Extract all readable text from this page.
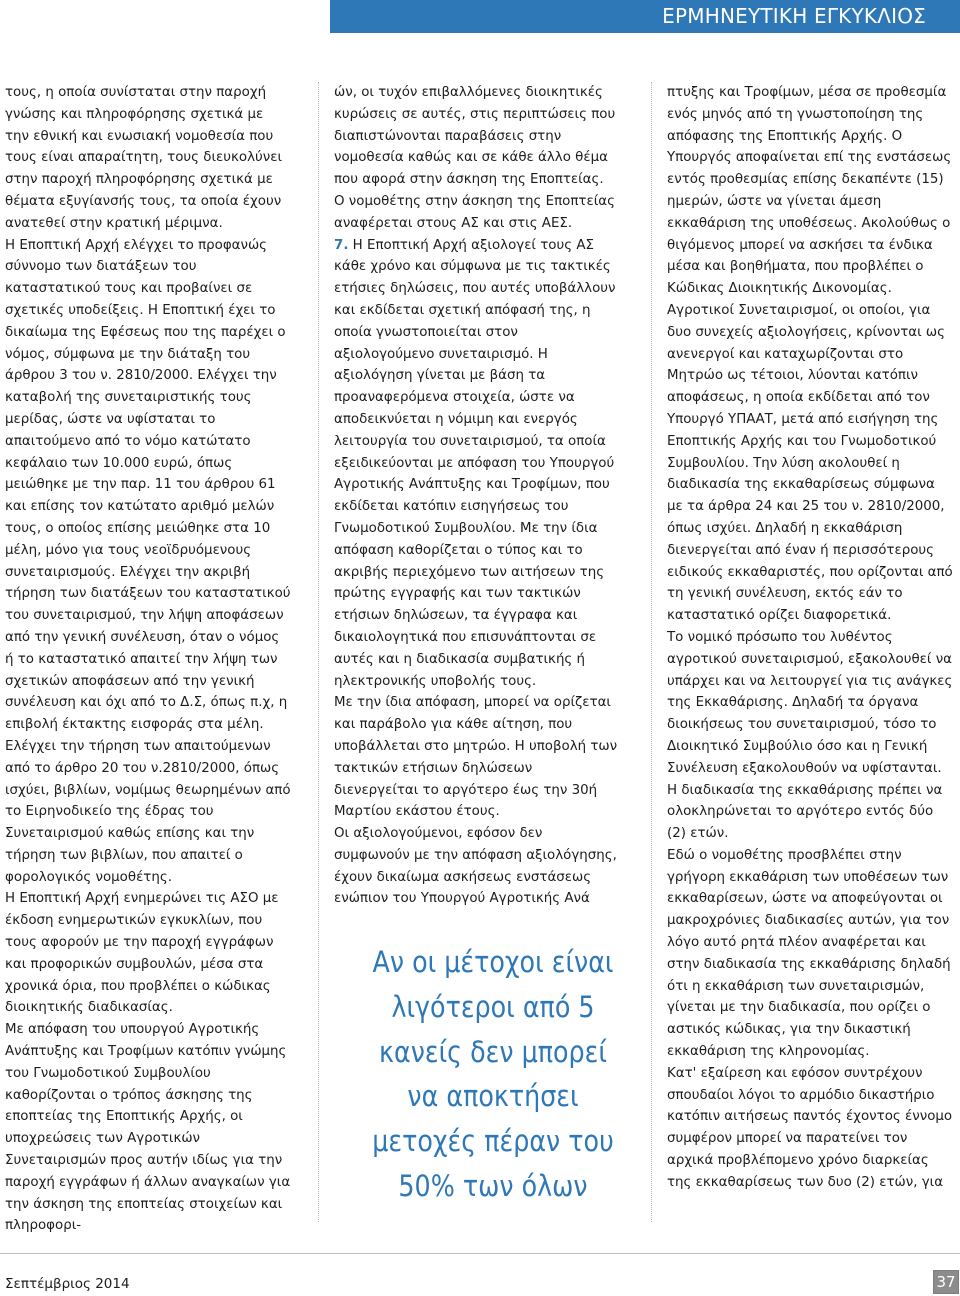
ΕΡΜΗΝΕΥΤΙΚΗ ΕΓΚΥΚΛΙΟΣ

τους, η οποία συνίσταται στην παροχή γνώσης και πληροφόρησης σχετικά με την εθνική και ενωσιακή νομοθεσία που τους είναι απαραίτητη, τους διευκολύνει στην παροχή πληροφόρησης σχετικά με θέματα εξυγίανσής τους, τα οποία έχουν ανατεθεί στην κρατική μέριμνα.

Η Εποπτική Αρχή ελέγχει το προφανώς σύννομο των διατάξεων του καταστατικού τους και προβαίνει σε σχετικές υποδείξεις. Η Εποπτική έχει το δικαίωμα της Εφέσεως που της παρέχει ο νόμος, σύμφωνα με την διάταξη του άρθρου 3 του ν. 2810/2000. Ελέγχει την καταβολή της συνεταιριστικής τους μερίδας, ώστε να υφίσταται το απαιτούμενο από το νόμο κατώτατο κεφάλαιο των 10.000 ευρώ, όπως μειώθηκε με την παρ. 11 του άρθρου 61 και επίσης τον κατώτατο αριθμό μελών τους, ο οποίος επίσης μειώθηκε στα 10 μέλη, μόνο για τους νεοϊδρυόμενους συνεταιρισμούς. Ελέγχει την ακριβή τήρηση των διατάξεων του καταστατικού του συνεταιρισμού, την λήψη αποφάσεων από την γενική συνέλευση, όταν ο νόμος ή το καταστατικό απαιτεί την λήψη των σχετικών αποφάσεων από την γενική συνέλευση και όχι από το Δ.Σ, όπως π.χ, η επιβολή έκτακτης εισφοράς στα μέλη. Ελέγχει την τήρηση των απαιτούμενων από το άρθρο 20 του ν.2810/2000, όπως ισχύει, βιβλίων, νομίμως θεωρημένων από το Ειρηνοδικείο της έδρας του Συνεταιρισμού καθώς επίσης και την τήρηση των βιβλίων, που απαιτεί ο φορολογικός νομοθέτης.

Η Εποπτική Αρχή ενημερώνει τις ΑΣΟ με έκδοση ενημερωτικών εγκυκλίων, που τους αφορούν με την παροχή εγγράφων και προφορικών συμβουλών, μέσα στα χρονικά όρια, που προβλέπει ο κώδικας διοικητικής διαδικασίας.

Με απόφαση του υπουργού Αγροτικής Ανάπτυξης και Τροφίμων κατόπιν γνώμης του Γνωμοδοτικού Συμβουλίου καθορίζονται ο τρόπος άσκησης της εποπτείας της Εποπτικής Αρχής, οι υποχρεώσεις των Αγροτικών Συνεταιρισμών προς αυτήν ιδίως για την παροχή εγγράφων ή άλλων αναγκαίων για την άσκηση της εποπτείας στοιχείων και πληροφορι-

ών, οι τυχόν επιβαλλόμενες διοικητικές κυρώσεις σε αυτές, στις περιπτώσεις που διαπιστώνονται παραβάσεις στην νομοθεσία καθώς και σε κάθε άλλο θέμα που αφορά στην άσκηση της Εποπτείας.

Ο νομοθέτης στην άσκηση της Εποπτείας αναφέρεται στους ΑΣ και στις ΑΕΣ.

7. Η Εποπτική Αρχή αξιολογεί τους ΑΣ κάθε χρόνο και σύμφωνα με τις τακτικές ετήσιες δηλώσεις, που αυτές υποβάλλουν και εκδίδεται σχετική απόφασή της, η οποία γνωστοποιείται στον αξιολογούμενο συνεταιρισμό. Η αξιολόγηση γίνεται με βάση τα προαναφερόμενα στοιχεία, ώστε να αποδεικνύεται η νόμιμη και ενεργός λειτουργία του συνεταιρισμού, τα οποία εξειδικεύονται με απόφαση του Υπουργού Αγροτικής Ανάπτυξης και Τροφίμων, που εκδίδεται κατόπιν εισηγήσεως του Γνωμοδοτικού Συμβουλίου. Με την ίδια απόφαση καθορίζεται ο τύπος και το ακριβής περιεχόμενο των αιτήσεων της πρώτης εγγραφής και των τακτικών ετήσιων δηλώσεων, τα έγγραφα και δικαιολογητικά που επισυνάπτονται σε αυτές και η διαδικασία συμβατικής ή ηλεκτρονικής υποβολής τους.

Με την ίδια απόφαση, μπορεί να ορίζεται και παράβολο για κάθε αίτηση, που υποβάλλεται στο μητρώο. Η υποβολή των τακτικών ετήσιων δηλώσεων διενεργείται το αργότερο έως την 30ή Μαρτίου εκάστου έτους.

Οι αξιολογούμενοι, εφόσον δεν συμφωνούν με την απόφαση αξιολόγησης, έχουν δικαίωμα ασκήσεως ενστάσεως ενώπιον του Υπουργού Αγροτικής Ανά

Αν οι μέτοχοι είναι
λιγότεροι από 5
κανείς δεν μπορεί
να αποκτήσει
μετοχές πέραν του
50% των όλων

πτυξης και Τροφίμων, μέσα σε προθεσμία ενός μηνός από τη γνωστοποίηση της απόφασης της Εποπτικής Αρχής. Ο Υπουργός αποφαίνεται επί της ενστάσεως εντός προθεσμίας επίσης δεκαπέντε (15) ημερών, ώστε να γίνεται άμεση εκκαθάριση της υποθέσεως. Ακολούθως ο θιγόμενος μπορεί να ασκήσει τα ένδικα μέσα και βοηθήματα, που προβλέπει ο Κώδικας Διοικητικής Δικονομίας.

Αγροτικοί Συνεταιρισμοί, οι οποίοι, για δυο συνεχείς αξιολογήσεις, κρίνονται ως ανενεργοί και καταχωρίζονται στο Μητρώο ως τέτοιοι, λύονται κατόπιν αποφάσεως, η οποία εκδίδεται από τον Υπουργό ΥΠΑΑΤ, μετά από εισήγηση της Εποπτικής Αρχής και του Γνωμοδοτικού Συμβουλίου. Την λύση ακολουθεί η διαδικασία της εκκαθαρίσεως σύμφωνα με τα άρθρα 24 και 25 του ν. 2810/2000, όπως ισχύει. Δηλαδή η εκκαθάριση διενεργείται από έναν ή περισσότερους ειδικούς εκκαθαριστές, που ορίζονται από τη γενική συνέλευση, εκτός εάν το καταστατικό ορίζει διαφορετικά.

Το νομικό πρόσωπο του λυθέντος αγροτικού συνεταιρισμού, εξακολουθεί να υπάρχει και να λειτουργεί για τις ανάγκες της Εκκαθάρισης. Δηλαδή τα όργανα διοικήσεως του συνεταιρισμού, τόσο το Διοικητικό Συμβούλιο όσο και η Γενική Συνέλευση εξακολουθούν να υφίστανται. Η διαδικασία της εκκαθάρισης πρέπει να ολοκληρώνεται το αργότερο εντός δύο (2) ετών.

Εδώ ο νομοθέτης προσβλέπει στην γρήγορη εκκαθάριση των υποθέσεων των εκκαθαρίσεων, ώστε να αποφεύγονται οι μακροχρόνιες διαδικασίες αυτών, για τον λόγο αυτό ρητά πλέον αναφέρεται και στην διαδικασία της εκκαθάρισης δηλαδή ότι η εκκαθάριση των συνεταιρισμών, γίνεται με την διαδικασία, που ορίζει ο αστικός κώδικας, για την δικαστική εκκαθάριση της κληρονομίας.

Κατ' εξαίρεση και εφόσον συντρέχουν σπουδαίοι λόγοι το αρμόδιο δικαστήριο κατόπιν αιτήσεως παντός έχοντος έννομο συμφέρον μπορεί να παρατείνει τον αρχικά προβλέπομενο χρόνο διαρκείας της εκκαθαρίσεως των δυο (2) ετών, για

Σεπτέμβριος 2014	37
